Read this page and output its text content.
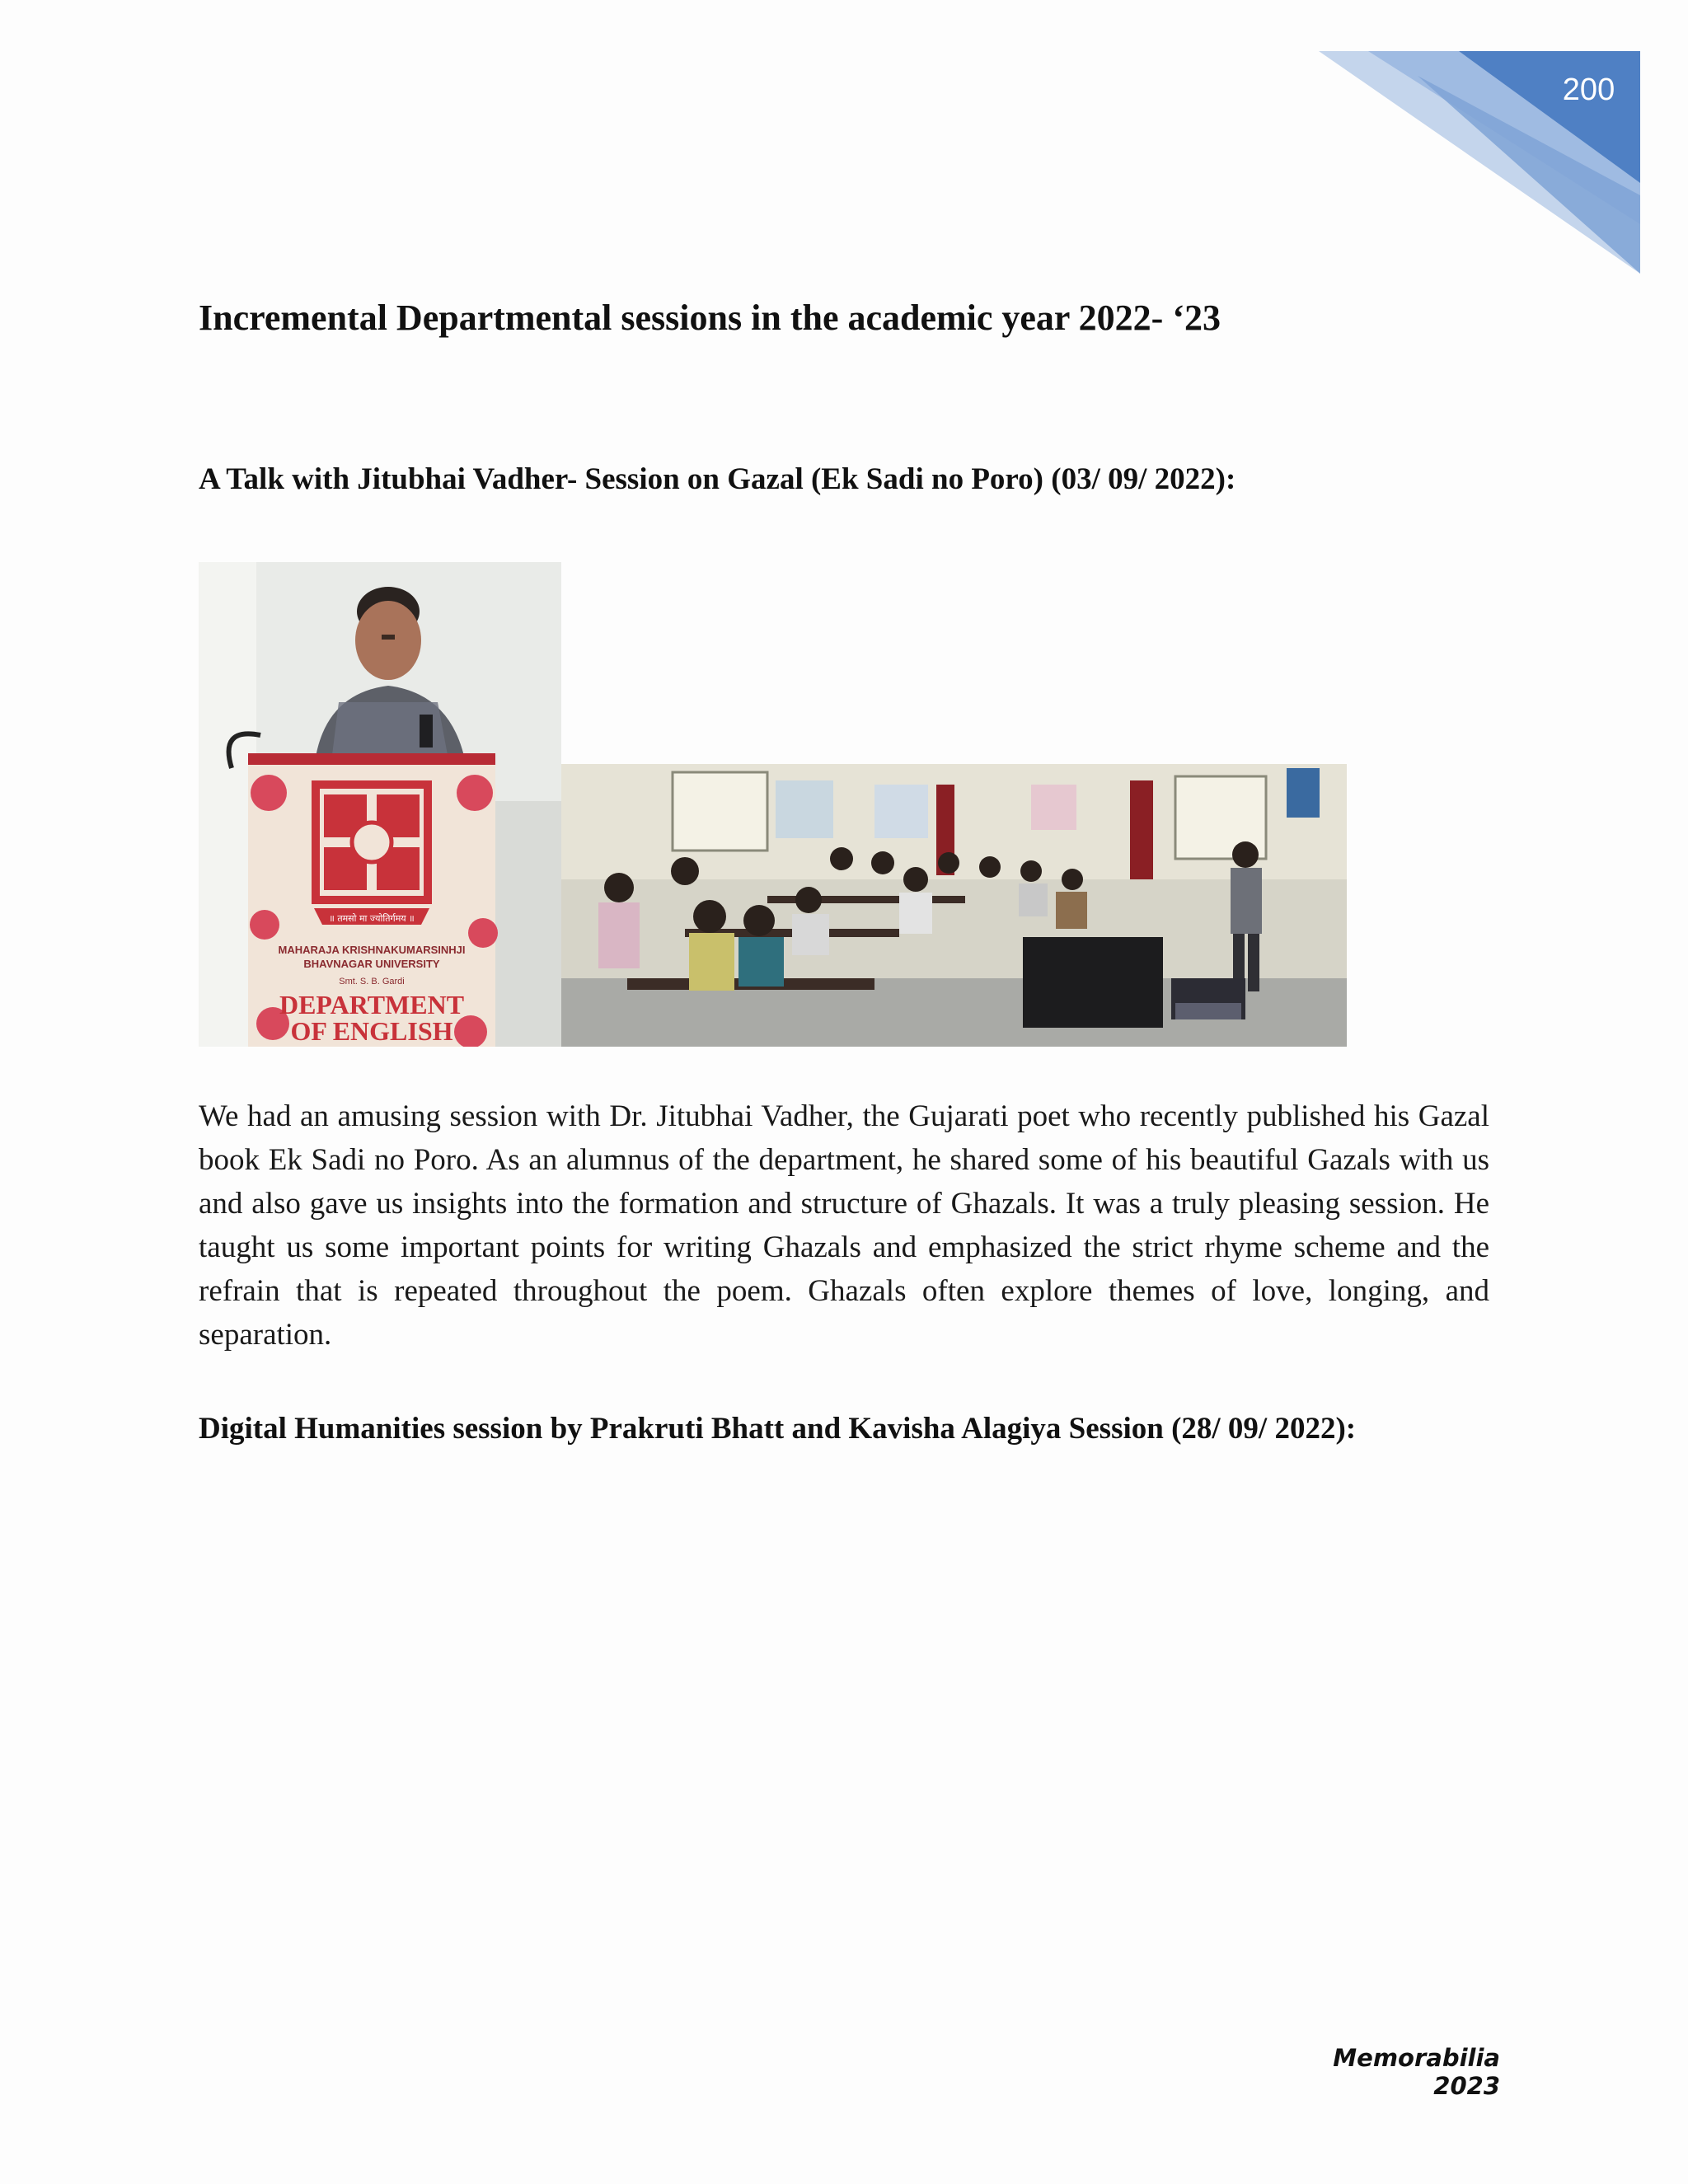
200
Incremental Departmental sessions in the academic year 2022- ‘23
A Talk with Jitubhai Vadher- Session on Gazal (Ek Sadi no Poro) (03/ 09/ 2022):
॥ तमसो मा ज्योतिर्गमय ॥
MAHARAJA KRISHNAKUMARSINHJI
BHAVNAGAR UNIVERSITY
Smt. S. B. Gardi
DEPARTMENT
OF ENGLISH

We had an amusing session with Dr. Jitubhai Vadher, the Gujarati poet who recently published his Gazal book Ek Sadi no Poro. As an alumnus of the department, he shared some of his beautiful Gazals with us and also gave us insights into the formation and structure of Ghazals. It was a truly pleasing session. He taught us some important points for writing Ghazals and emphasized the strict rhyme scheme and the refrain that is repeated throughout the poem. Ghazals often explore themes of love, longing, and separation.

Digital Humanities session by Prakruti Bhatt and Kavisha Alagiya Session (28/ 09/ 2022):
Memorabilia 2023
